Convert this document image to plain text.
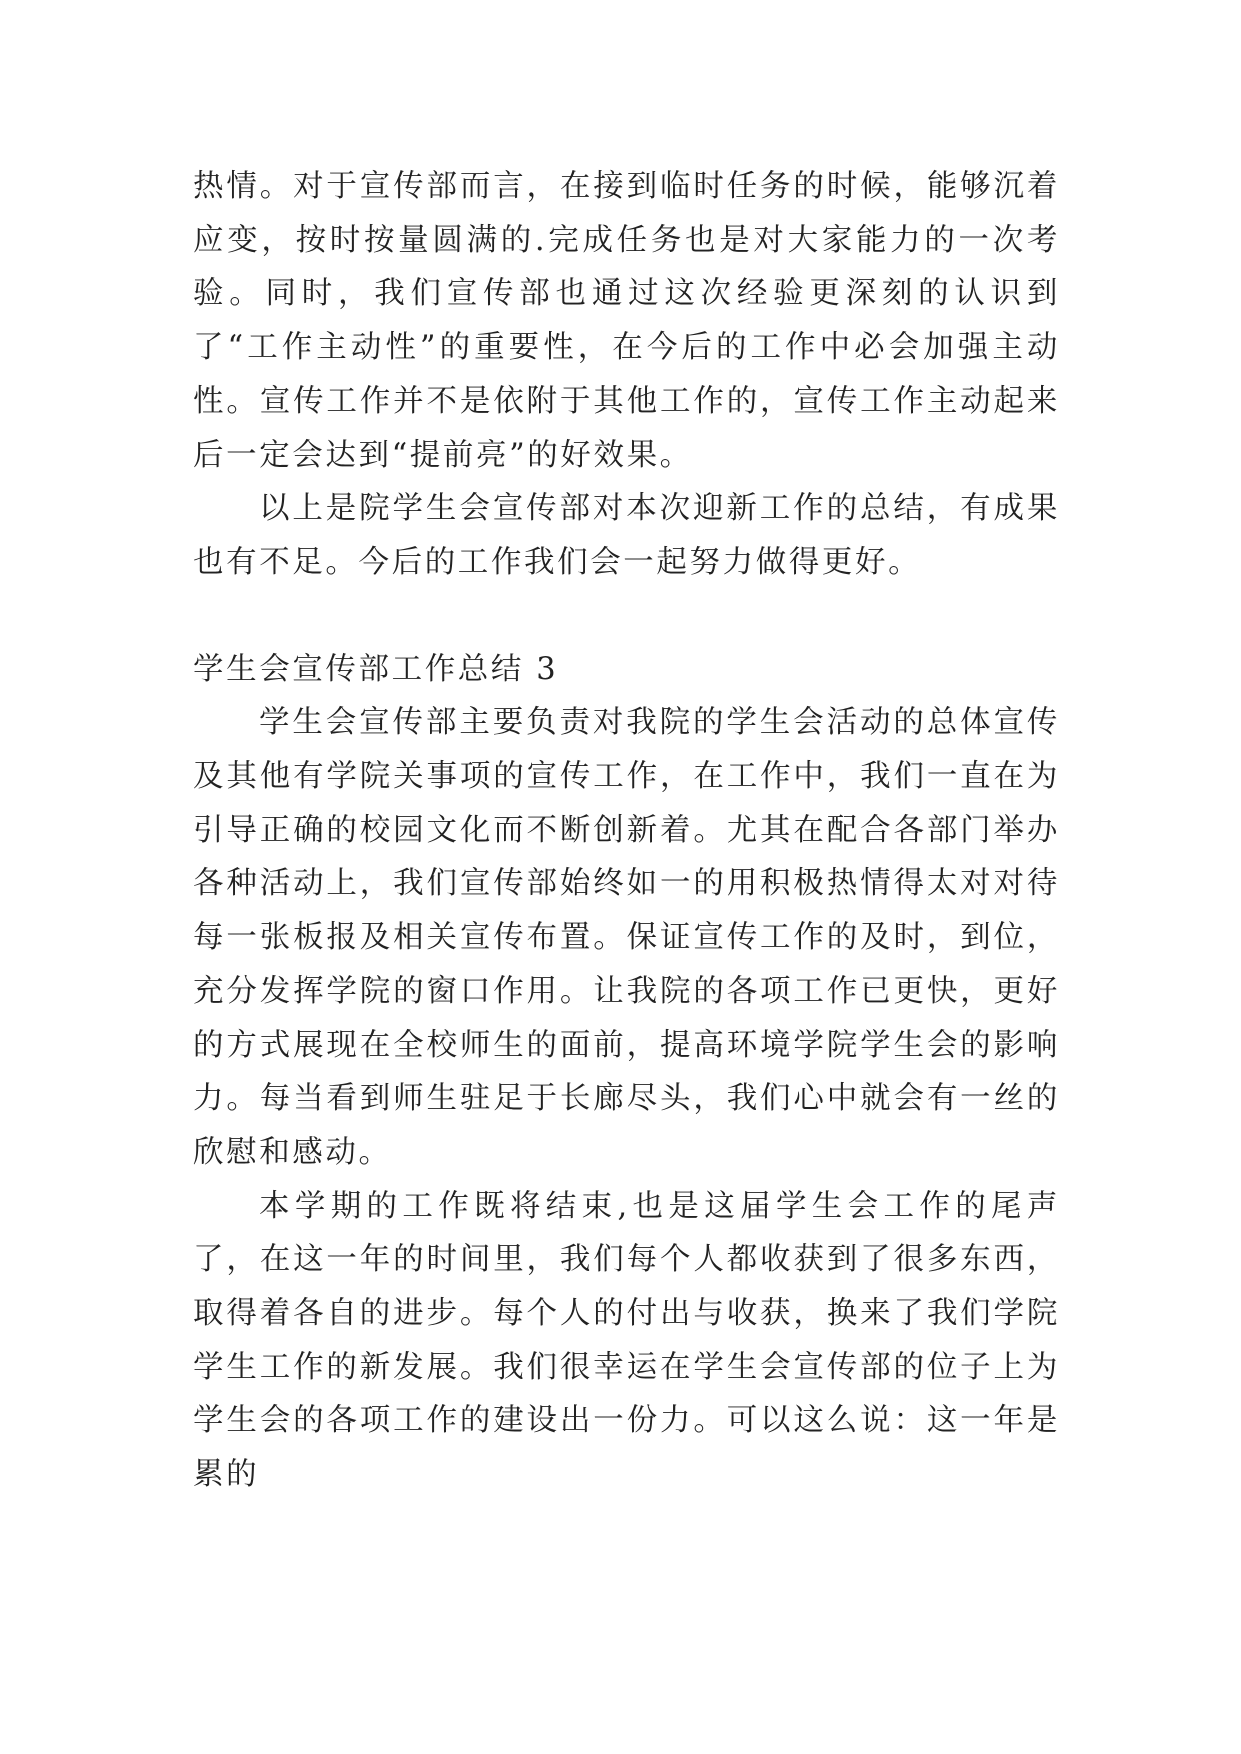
热情。对于宣传部而言，在接到临时任务的时候，能够沉着应变，按时按量圆满的.完成任务也是对大家能力的一次考验。同时，我们宣传部也通过这次经验更深刻的认识到了“工作主动性”的重要性，在今后的工作中必会加强主动性。宣传工作并不是依附于其他工作的，宣传工作主动起来后一定会达到“提前亮”的好效果。

以上是院学生会宣传部对本次迎新工作的总结，有成果也有不足。今后的工作我们会一起努力做得更好。

学生会宣传部工作总结 3

学生会宣传部主要负责对我院的学生会活动的总体宣传及其他有学院关事项的宣传工作，在工作中，我们一直在为引导正确的校园文化而不断创新着。尤其在配合各部门举办各种活动上，我们宣传部始终如一的用积极热情得太对对待每一张板报及相关宣传布置。保证宣传工作的及时，到位，充分发挥学院的窗口作用。让我院的各项工作已更快，更好的方式展现在全校师生的面前，提高环境学院学生会的影响力。每当看到师生驻足于长廊尽头，我们心中就会有一丝的欣慰和感动。

本学期的工作既将结束,也是这届学生会工作的尾声了，在这一年的时间里，我们每个人都收获到了很多东西，取得着各自的进步。每个人的付出与收获，换来了我们学院学生工作的新发展。我们很幸运在学生会宣传部的位子上为学生会的各项工作的建设出一份力。可以这么说：这一年是累的
